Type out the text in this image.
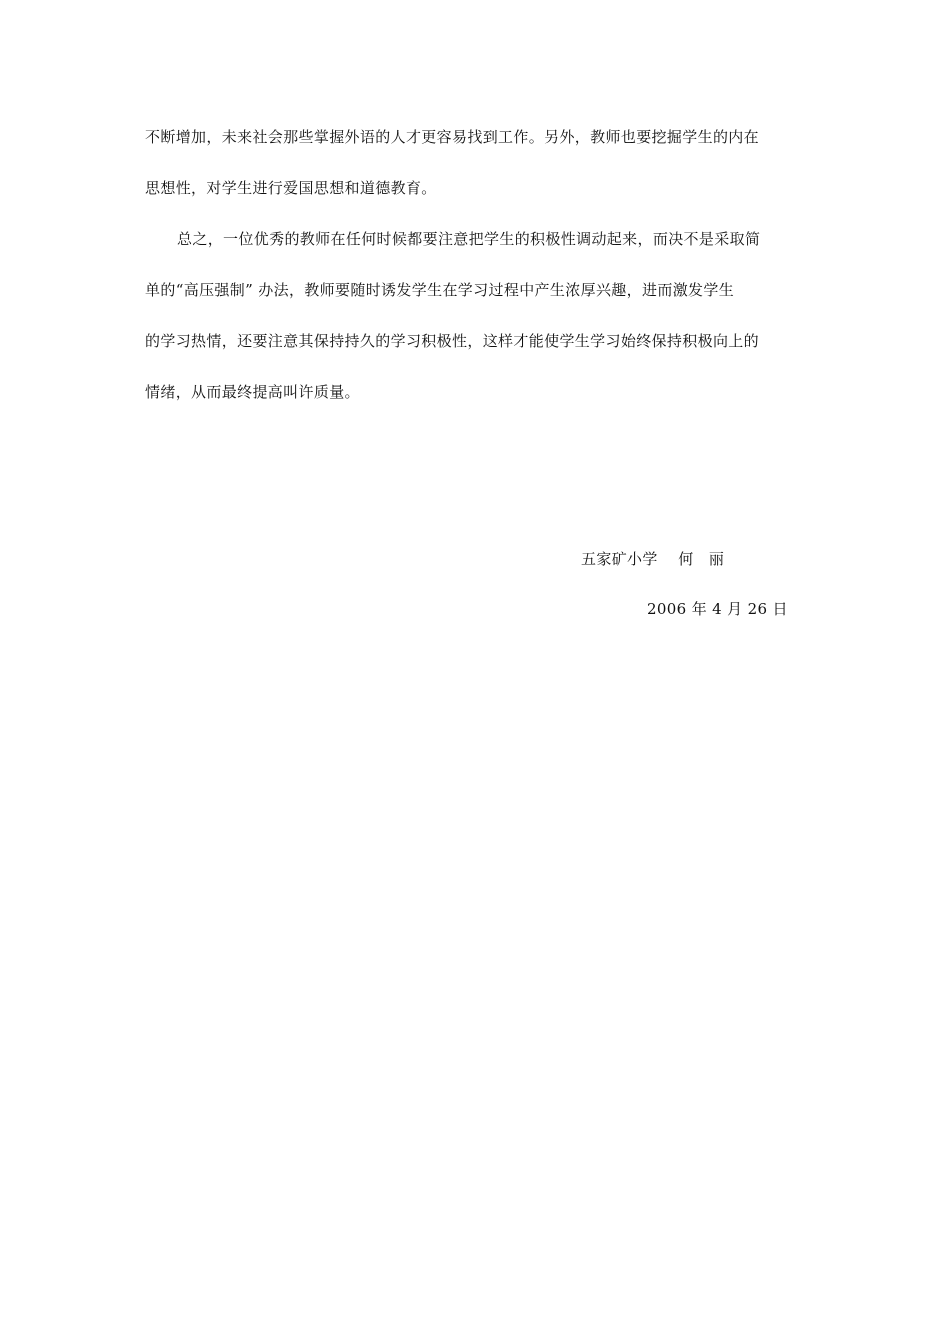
不断增加，未来社会那些掌握外语的人才更容易找到工作。另外，教师也要挖掘学生的内在
思想性，对学生进行爱国思想和道德教育。
总之，一位优秀的教师在任何时候都要注意把学生的积极性调动起来，而决不是采取简
单的“高压强制” 办法，教师要随时诱发学生在学习过程中产生浓厚兴趣，进而激发学生
的学习热情，还要注意其保持持久的学习积极性，这样才能使学生学习始终保持积极向上的
情绪，从而最终提高叫许质量。
五家矿小学    何   丽
2006 年 4 月 26 日
